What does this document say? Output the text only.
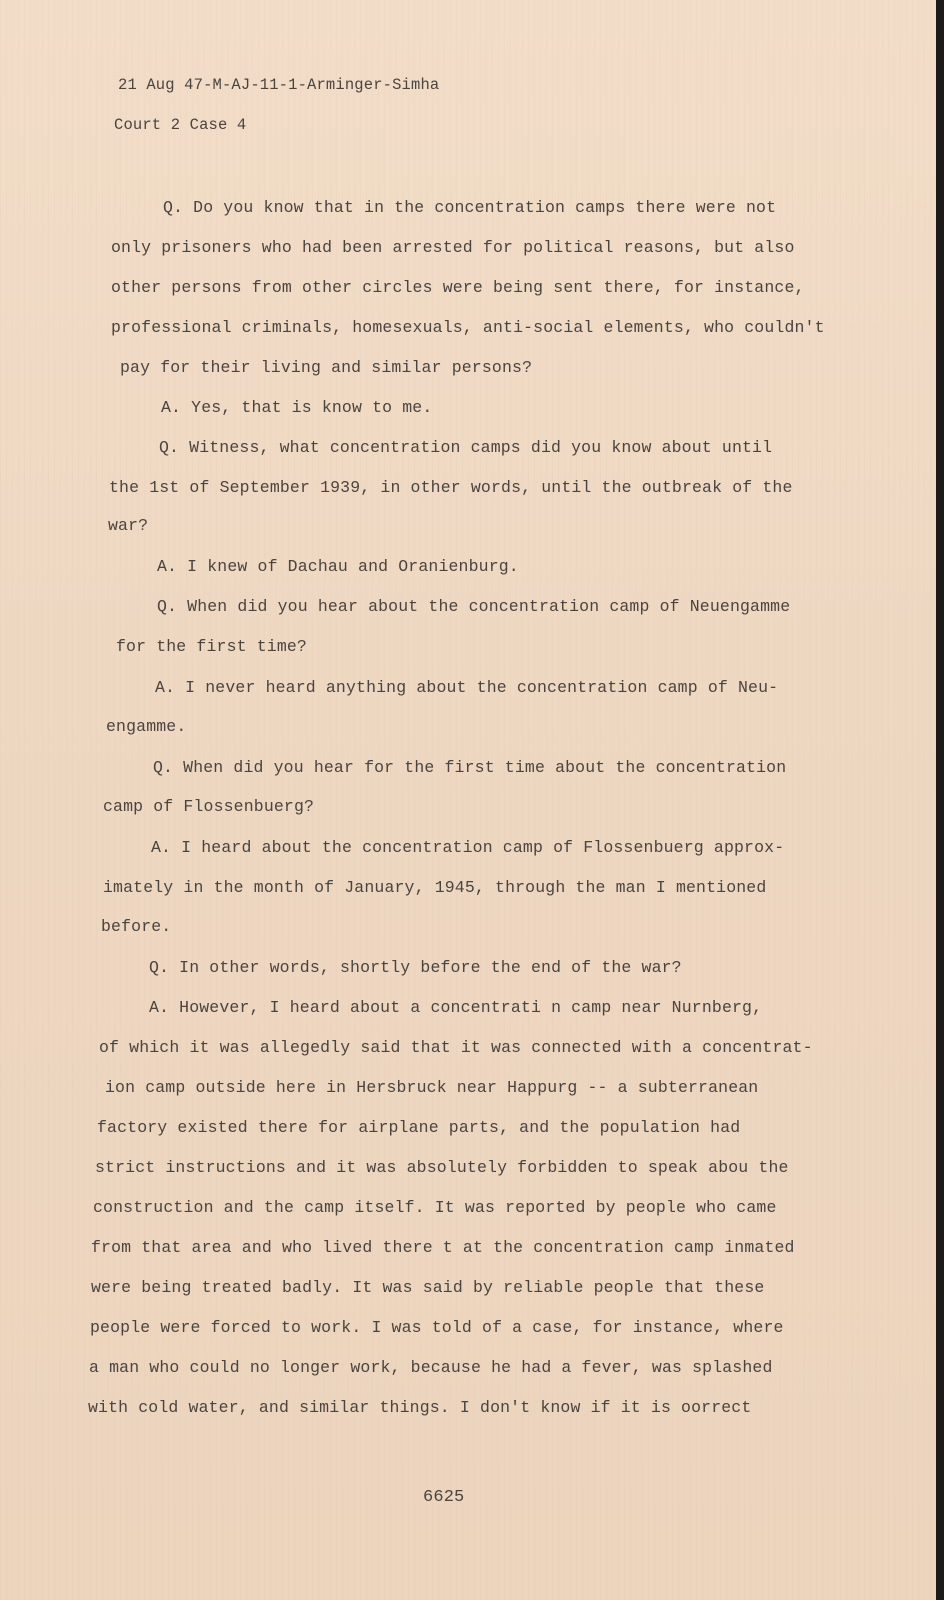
21 Aug 47-M-AJ-11-1-Arminger-Simha
Court 2 Case 4
Q. Do you know that in the concentration camps there were not
only prisoners who had been arrested for political reasons, but also
other persons from other circles were being sent there, for instance,
professional criminals, homesexuals, anti-social elements, who couldn't
pay for their living and similar persons?
A. Yes, that is know to me.
Q. Witness, what concentration camps did you know about until
the 1st of September 1939, in other words, until the outbreak of the
war?
A. I knew of Dachau and Oranienburg.
Q. When did you hear about the concentration camp of Neuengamme
for the first time?
A. I never heard anything about the concentration camp of Neu-
engamme.
Q. When did you hear for the first time about the concentration
camp of Flossenbuerg?
A. I heard about the concentration camp of Flossenbuerg approx-
imately in the month of January, 1945, through the man I mentioned
before.
Q. In other words, shortly before the end of the war?
A. However, I heard about a concentrati n camp near Nurnberg,
of which it was allegedly said that it was connected with a concentrat-
ion camp outside here in Hersbruck near Happurg -- a subterranean
factory existed there for airplane parts, and the population had
strict instructions and it was absolutely forbidden to speak abou the
construction and the camp itself. It was reported by people who came
from that area and who lived there t at the concentration camp inmated
were being treated badly. It was said by reliable people that these
people were forced to work. I was told of a case, for instance, where
a man who could no longer work, because he had a fever, was splashed
with cold water, and similar things. I don't know if it is oorrect
6625
